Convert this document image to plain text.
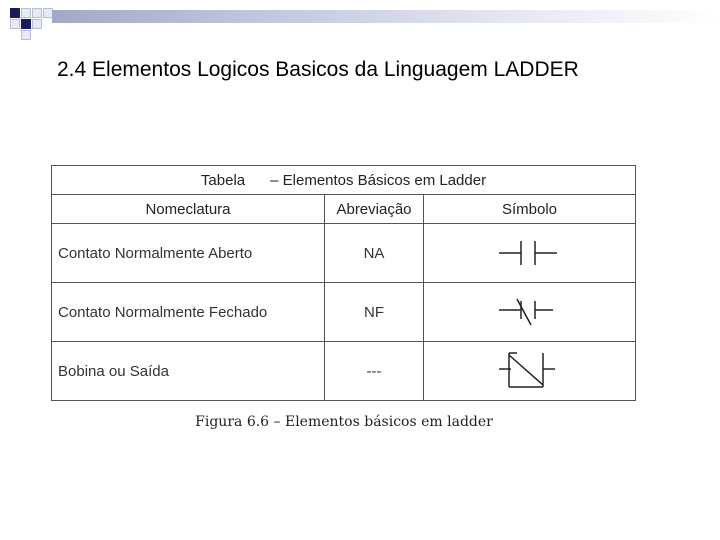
2.4 Elementos Logicos Basicos da Linguagem LADDER
Tabela      – Elementos Básicos em Ladder		
Nomeclatura	Abreviação	Símbolo
Contato Normalmente Aberto	NA	

Contato Normalmente Fechado	NF	

Bobina ou Saída	---	
Figura 6.6 – Elementos básicos em ladder
